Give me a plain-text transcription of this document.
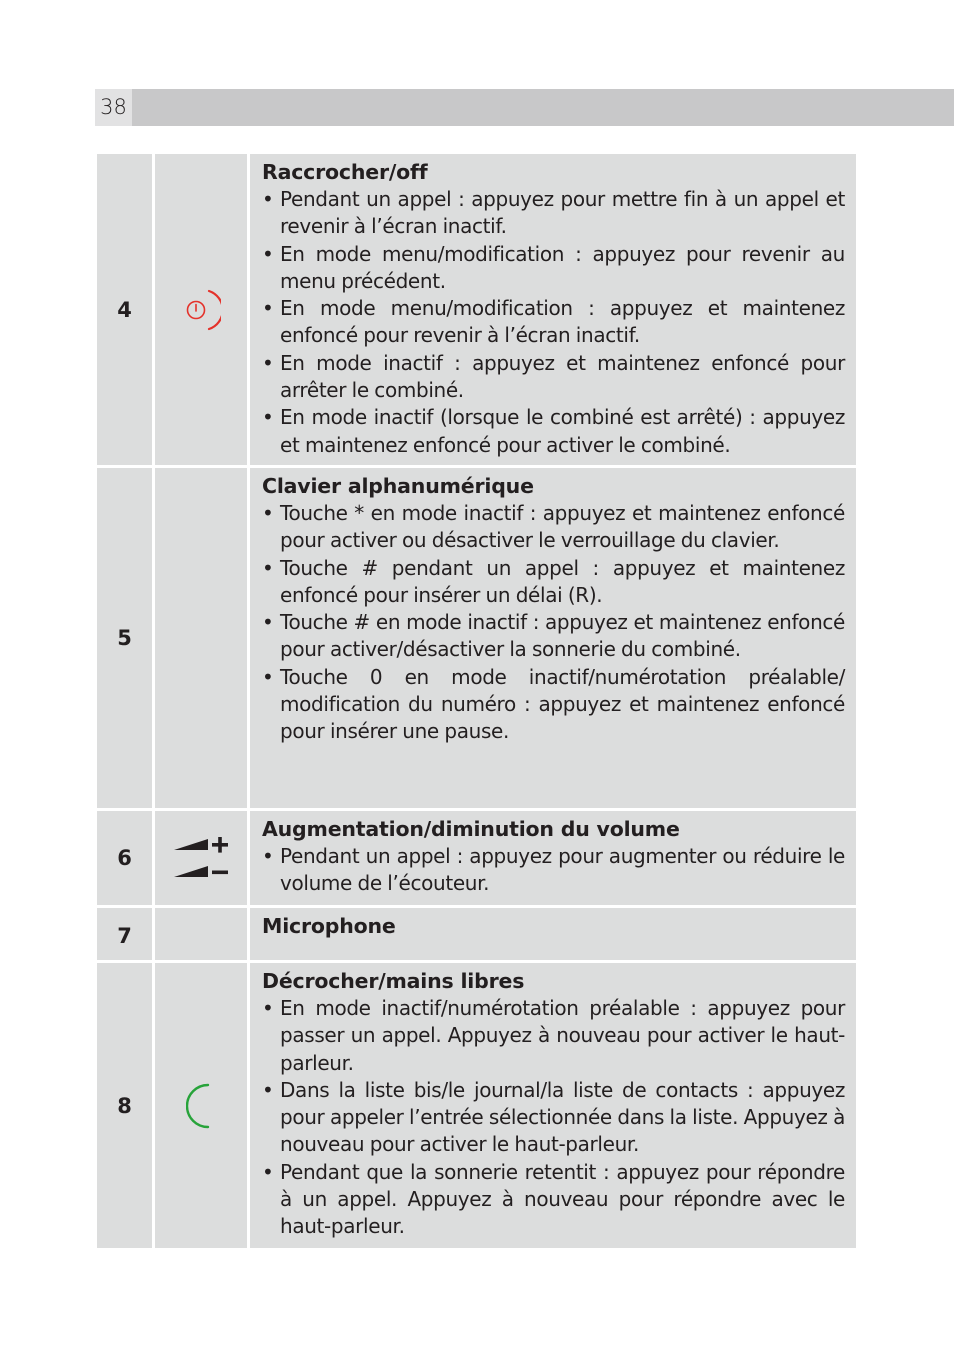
38
4
Raccrocher/off
• Pendant un appel : appuyez pour mettre fin à un appel et revenir à l’écran inactif.
• En mode menu/modification : appuyez pour revenir au menu précédent.
• En mode menu/modification : appuyez et maintenez enfoncé pour revenir à l’écran inactif.
• En mode inactif : appuyez et maintenez enfoncé pour arrêter le combiné.
• En mode inactif (lorsque le combiné est arrêté) : appuyez et maintenez enfoncé pour activer le combiné.
5
Clavier alphanumérique
• Touche * en mode inactif : appuyez et maintenez enfoncé pour activer ou désactiver le verrouillage du clavier.
• Touche # pendant un appel : appuyez et maintenez enfoncé pour insérer un délai (R).
• Touche # en mode inactif : appuyez et maintenez enfoncé pour activer/désactiver la sonnerie du combiné.
• Touche 0 en mode inactif/numérotation préalable/ modification du numéro : appuyez et maintenez enfoncé pour insérer une pause.
6
Augmentation/diminution du volume
• Pendant un appel : appuyez pour augmenter ou réduire le volume de l’écouteur.
7	Microphone
8
Décrocher/mains libres
• En mode inactif/numérotation préalable : appuyez pour passer un appel. Appuyez à nouveau pour activer le haut-parleur.
• Dans la liste bis/le journal/la liste de contacts : appuyez pour appeler l’entrée sélectionnée dans la liste. Appuyez à nouveau pour activer le haut-parleur.
• Pendant que la sonnerie retentit : appuyez pour répondre à un appel. Appuyez à nouveau pour répondre avec le haut-parleur.
